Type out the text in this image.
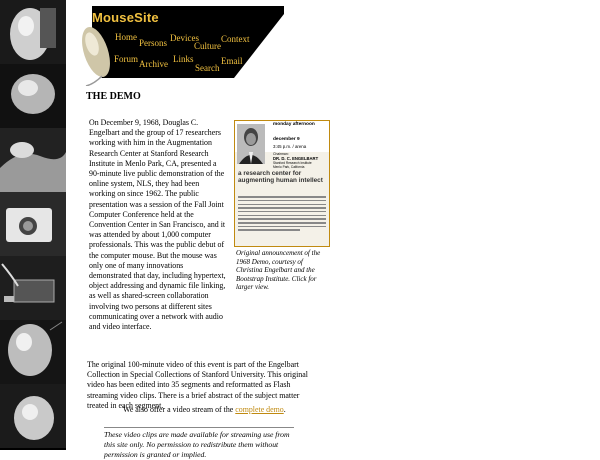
MouseSite
Home
Persons Devices
Culture
Context
Forum Archive Links
Search
Email
THE DEMO
On December 9, 1968, Douglas C. Engelbart and the group of 17 researchers working with him in the Augmentation Research Center at Stanford Research Institute in Menlo Park, CA, presented a 90-minute live public demonstration of the online system, NLS, they had been working on since 1962. The public presentation was a session of the Fall Joint Computer Conference held at the Convention Center in San Francisco, and it was attended by about 1,000 computer professionals. This was the public debut of the computer mouse. But the mouse was only one of many innovations demonstrated that day, including hypertext, object addressing and dynamic file linking, as well as shared-screen collaboration involving two persons at different sites communicating over a network with audio and video interface.
monday afternoon
december 9
3:45 p.m. / arena
Chairman:
DR. D. C. ENGELBART
Stanford Research Institute
Menlo Park, California
a research center for augmenting human intellect
Original announcement of the 1968 Demo, courtesy of Christina Engelbart and the Bootstrap Institute. Click for larger view.
The original 100-minute video of this event is part of the Engelbart Collection in Special Collections of Stanford University. This original video has been edited into 35 segments and reformatted as Flash streaming video clips. There is a brief abstract of the subject matter treated in each segment.
We also offer a video stream of the complete demo.
These video clips are made available for streaming use from this site only. No permission to redistribute them without permission is granted or implied.
